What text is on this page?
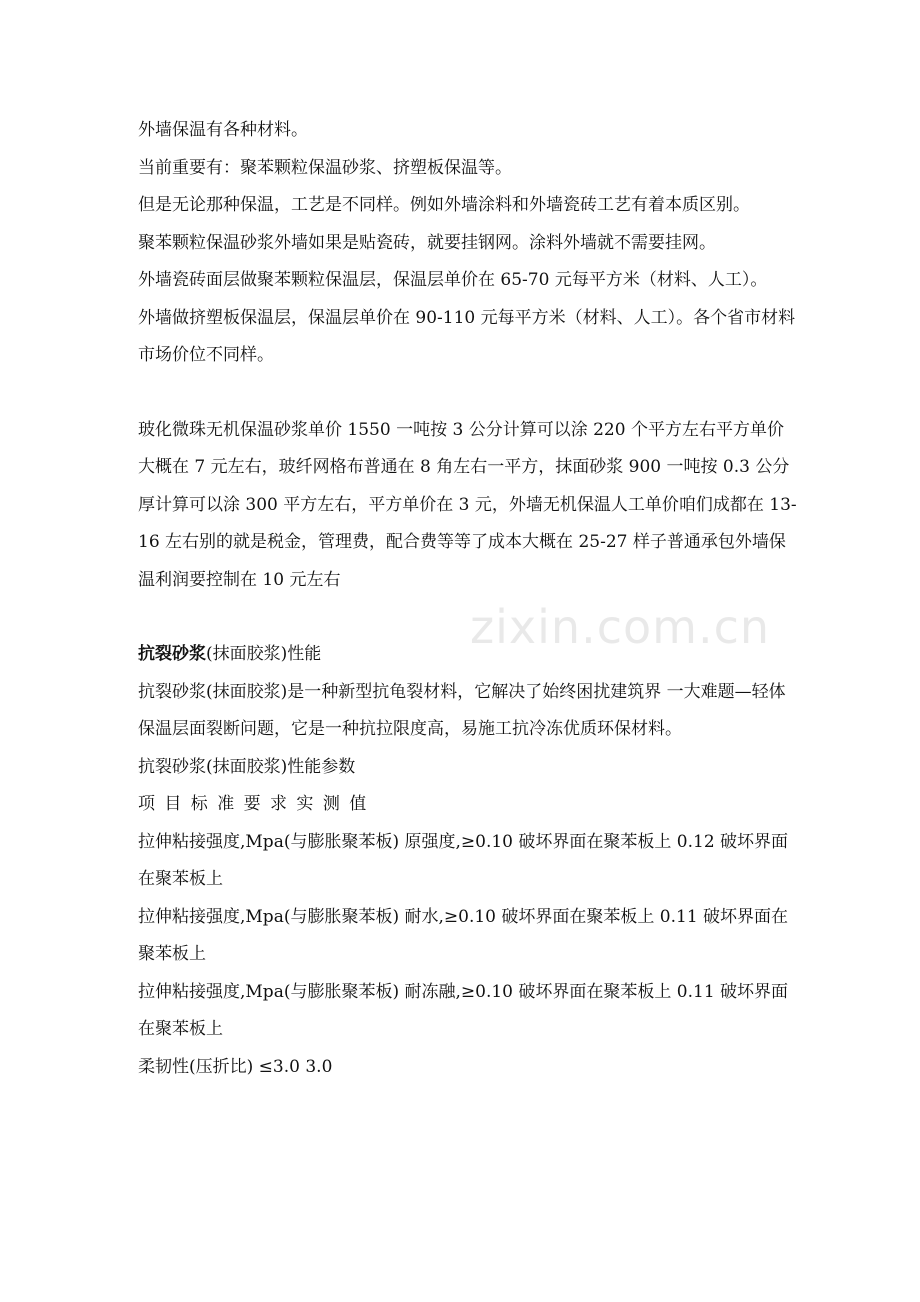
外墙保温有各种材料。

当前重要有：聚苯颗粒保温砂浆、挤塑板保温等。

但是无论那种保温，工艺是不同样。例如外墙涂料和外墙瓷砖工艺有着本质区别。

聚苯颗粒保温砂浆外墙如果是贴瓷砖，就要挂钢网。涂料外墙就不需要挂网。

外墙瓷砖面层做聚苯颗粒保温层，保温层单价在 65-70 元每平方米（材料、人工）。

外墙做挤塑板保温层，保温层单价在 90-110 元每平方米（材料、人工）。各个省市材料市场价位不同样。

玻化微珠无机保温砂浆单价 1550 一吨按 3 公分计算可以涂 220 个平方左右平方单价大概在 7 元左右，玻纤网格布普通在 8 角左右一平方，抹面砂浆 900 一吨按 0.3 公分厚计算可以涂 300 平方左右，平方单价在 3 元，外墙无机保温人工单价咱们成都在 13-16 左右别的就是税金，管理费，配合费等等了成本大概在 25-27 样子普通承包外墙保温利润要控制在 10 元左右

抗裂砂浆(抹面胶浆)性能

抗裂砂浆(抹面胶浆)是一种新型抗龟裂材料，它解决了始终困扰建筑界 一大难题—轻体保温层面裂断问题，它是一种抗拉限度高，易施工抗冷冻优质环保材料。

抗裂砂浆(抹面胶浆)性能参数

项 目 标 准 要 求 实 测 值

拉伸粘接强度,Mpa(与膨胀聚苯板) 原强度,≥0.10 破坏界面在聚苯板上 0.12 破坏界面在聚苯板上

拉伸粘接强度,Mpa(与膨胀聚苯板) 耐水,≥0.10 破坏界面在聚苯板上 0.11 破坏界面在聚苯板上

拉伸粘接强度,Mpa(与膨胀聚苯板) 耐冻融,≥0.10 破坏界面在聚苯板上 0.11 破坏界面在聚苯板上

柔韧性(压折比) ≤3.0 3.0

zixin.com.cn
